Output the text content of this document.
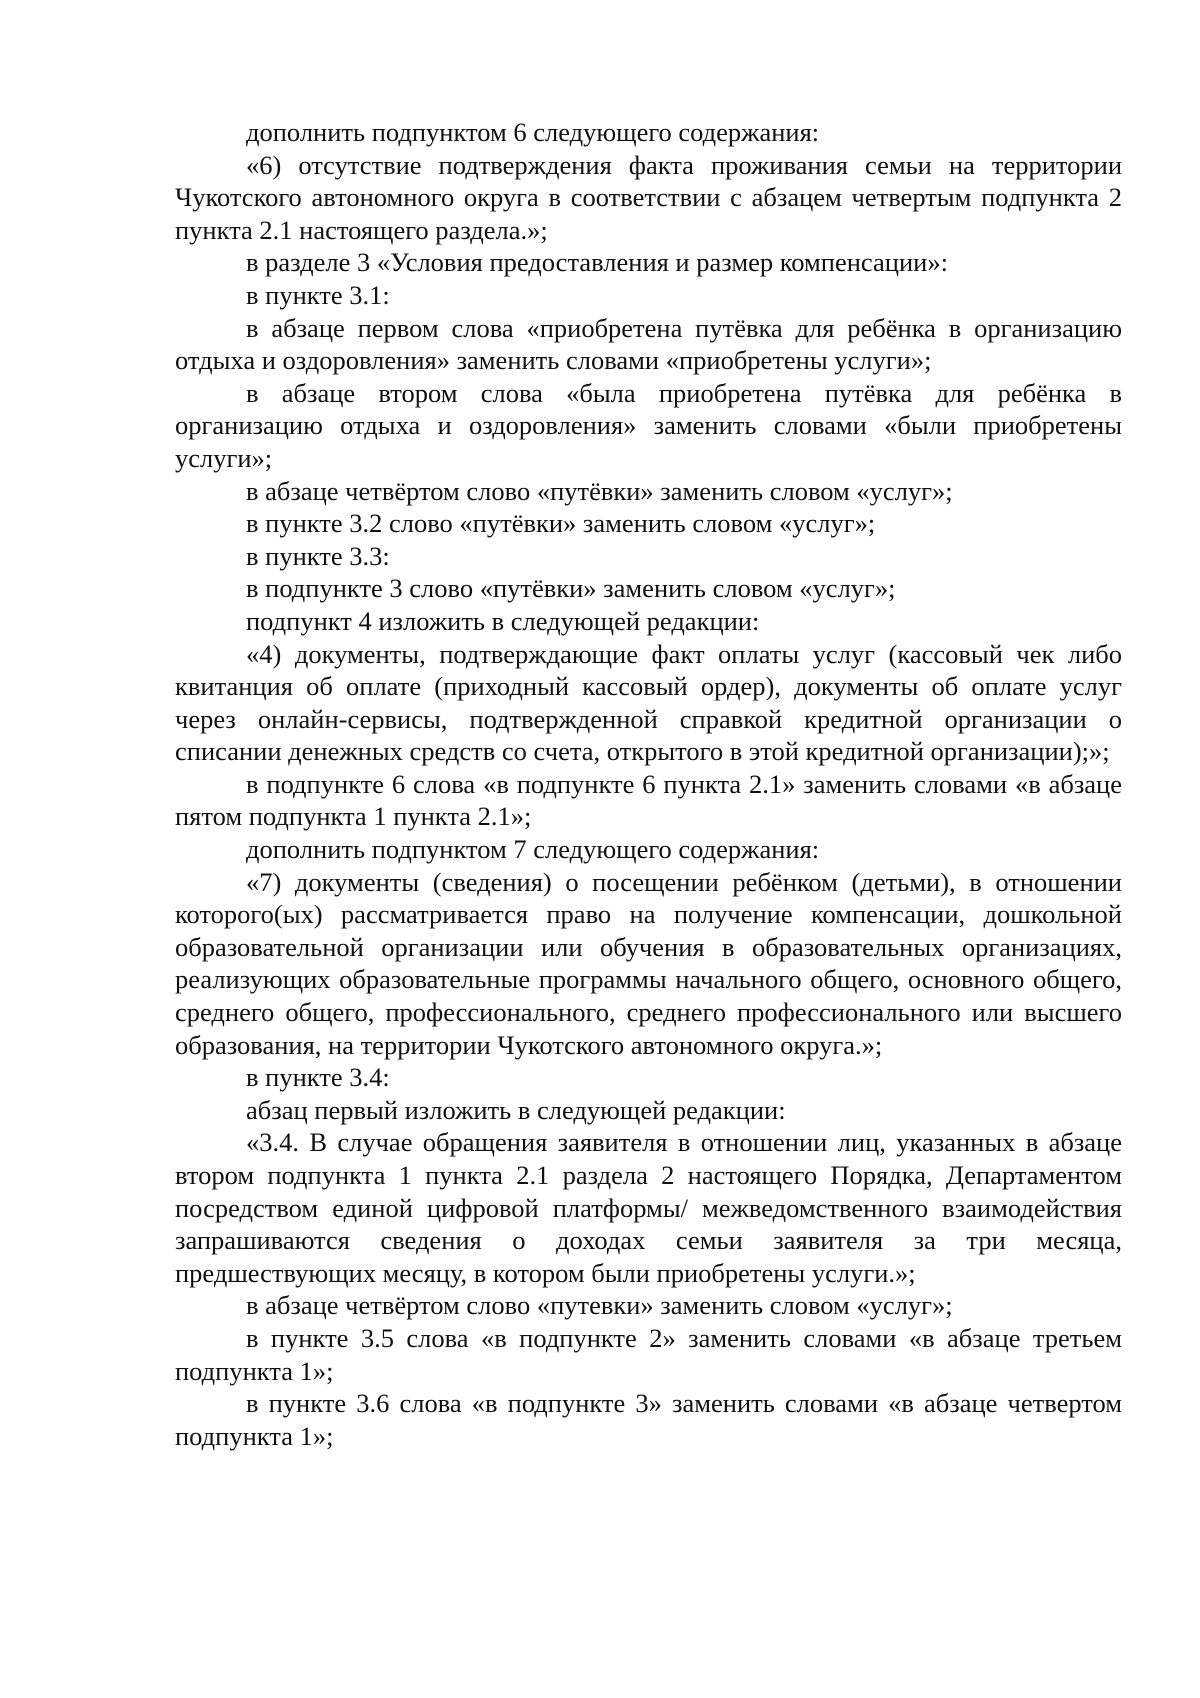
дополнить подпунктом 6 следующего содержания:

«6) отсутствие подтверждения факта проживания семьи на территории Чукотского автономного округа в соответствии с абзацем четвертым подпункта 2 пункта 2.1 настоящего раздела.»;

в разделе 3 «Условия предоставления и размер компенсации»:

в пункте 3.1:

в абзаце первом слова «приобретена путёвка для ребёнка в организацию отдыха и оздоровления» заменить словами «приобретены услуги»;

в абзаце втором слова «была приобретена путёвка для ребёнка в организацию отдыха и оздоровления» заменить словами «были приобретены услуги»;

в абзаце четвёртом слово «путёвки» заменить словом «услуг»;

в пункте 3.2 слово «путёвки» заменить словом «услуг»;

в пункте 3.3:

в подпункте 3 слово «путёвки» заменить словом «услуг»;

подпункт 4 изложить в следующей редакции:

«4) документы, подтверждающие факт оплаты услуг (кассовый чек либо квитанция об оплате (приходный кассовый ордер), документы об оплате услуг через онлайн-сервисы, подтвержденной справкой кредитной организации о списании денежных средств со счета, открытого в этой кредитной организации);»;

в подпункте 6 слова «в подпункте 6 пункта 2.1» заменить словами «в абзаце пятом подпункта 1 пункта 2.1»;

дополнить подпунктом 7 следующего содержания:

«7) документы (сведения) о посещении ребёнком (детьми), в отношении которого(ых) рассматривается право на получение компенсации, дошкольной образовательной организации или обучения в образовательных организациях, реализующих образовательные программы начального общего, основного общего, среднего общего, профессионального, среднего профессионального или высшего образования, на территории Чукотского автономного округа.»;

в пункте 3.4:

абзац первый изложить в следующей редакции:

«3.4. В случае обращения заявителя в отношении лиц, указанных в абзаце втором подпункта 1 пункта 2.1 раздела 2 настоящего Порядка, Департаментом посредством единой цифровой платформы/ межведомственного взаимодействия запрашиваются сведения о доходах семьи заявителя за три месяца, предшествующих месяцу, в котором были приобретены услуги.»;

в абзаце четвёртом слово «путевки» заменить словом «услуг»;

в пункте 3.5 слова «в подпункте 2» заменить словами «в абзаце третьем подпункта 1»;

в пункте 3.6 слова «в подпункте 3» заменить словами «в абзаце четвертом подпункта 1»;
